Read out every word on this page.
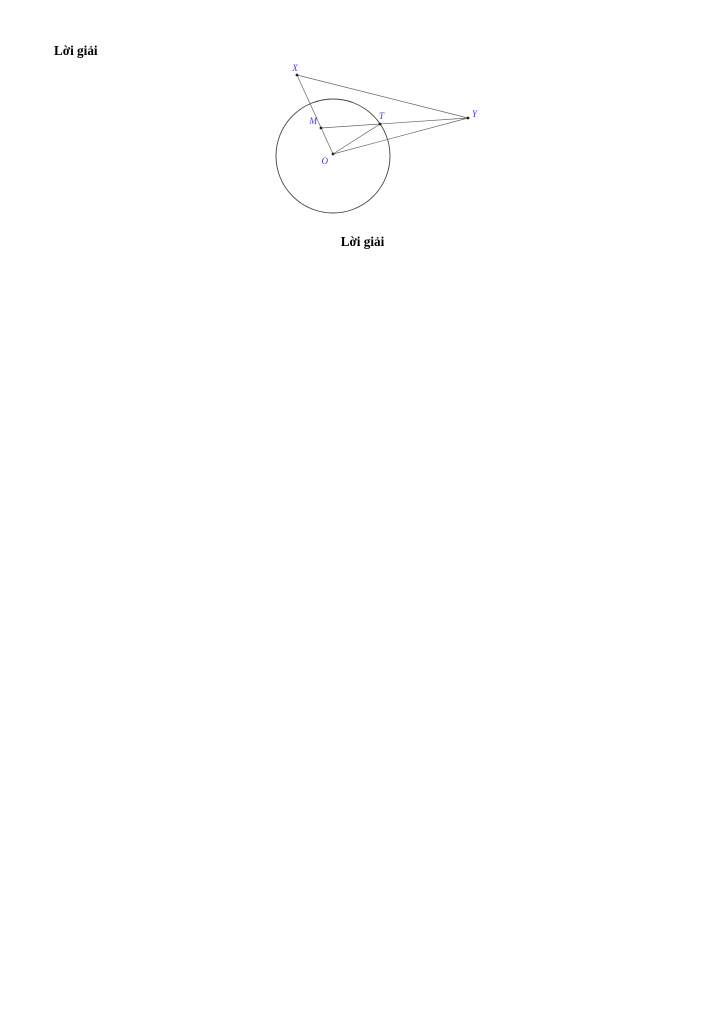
Lời giải
X
Y
M	T
O

Lời giải
